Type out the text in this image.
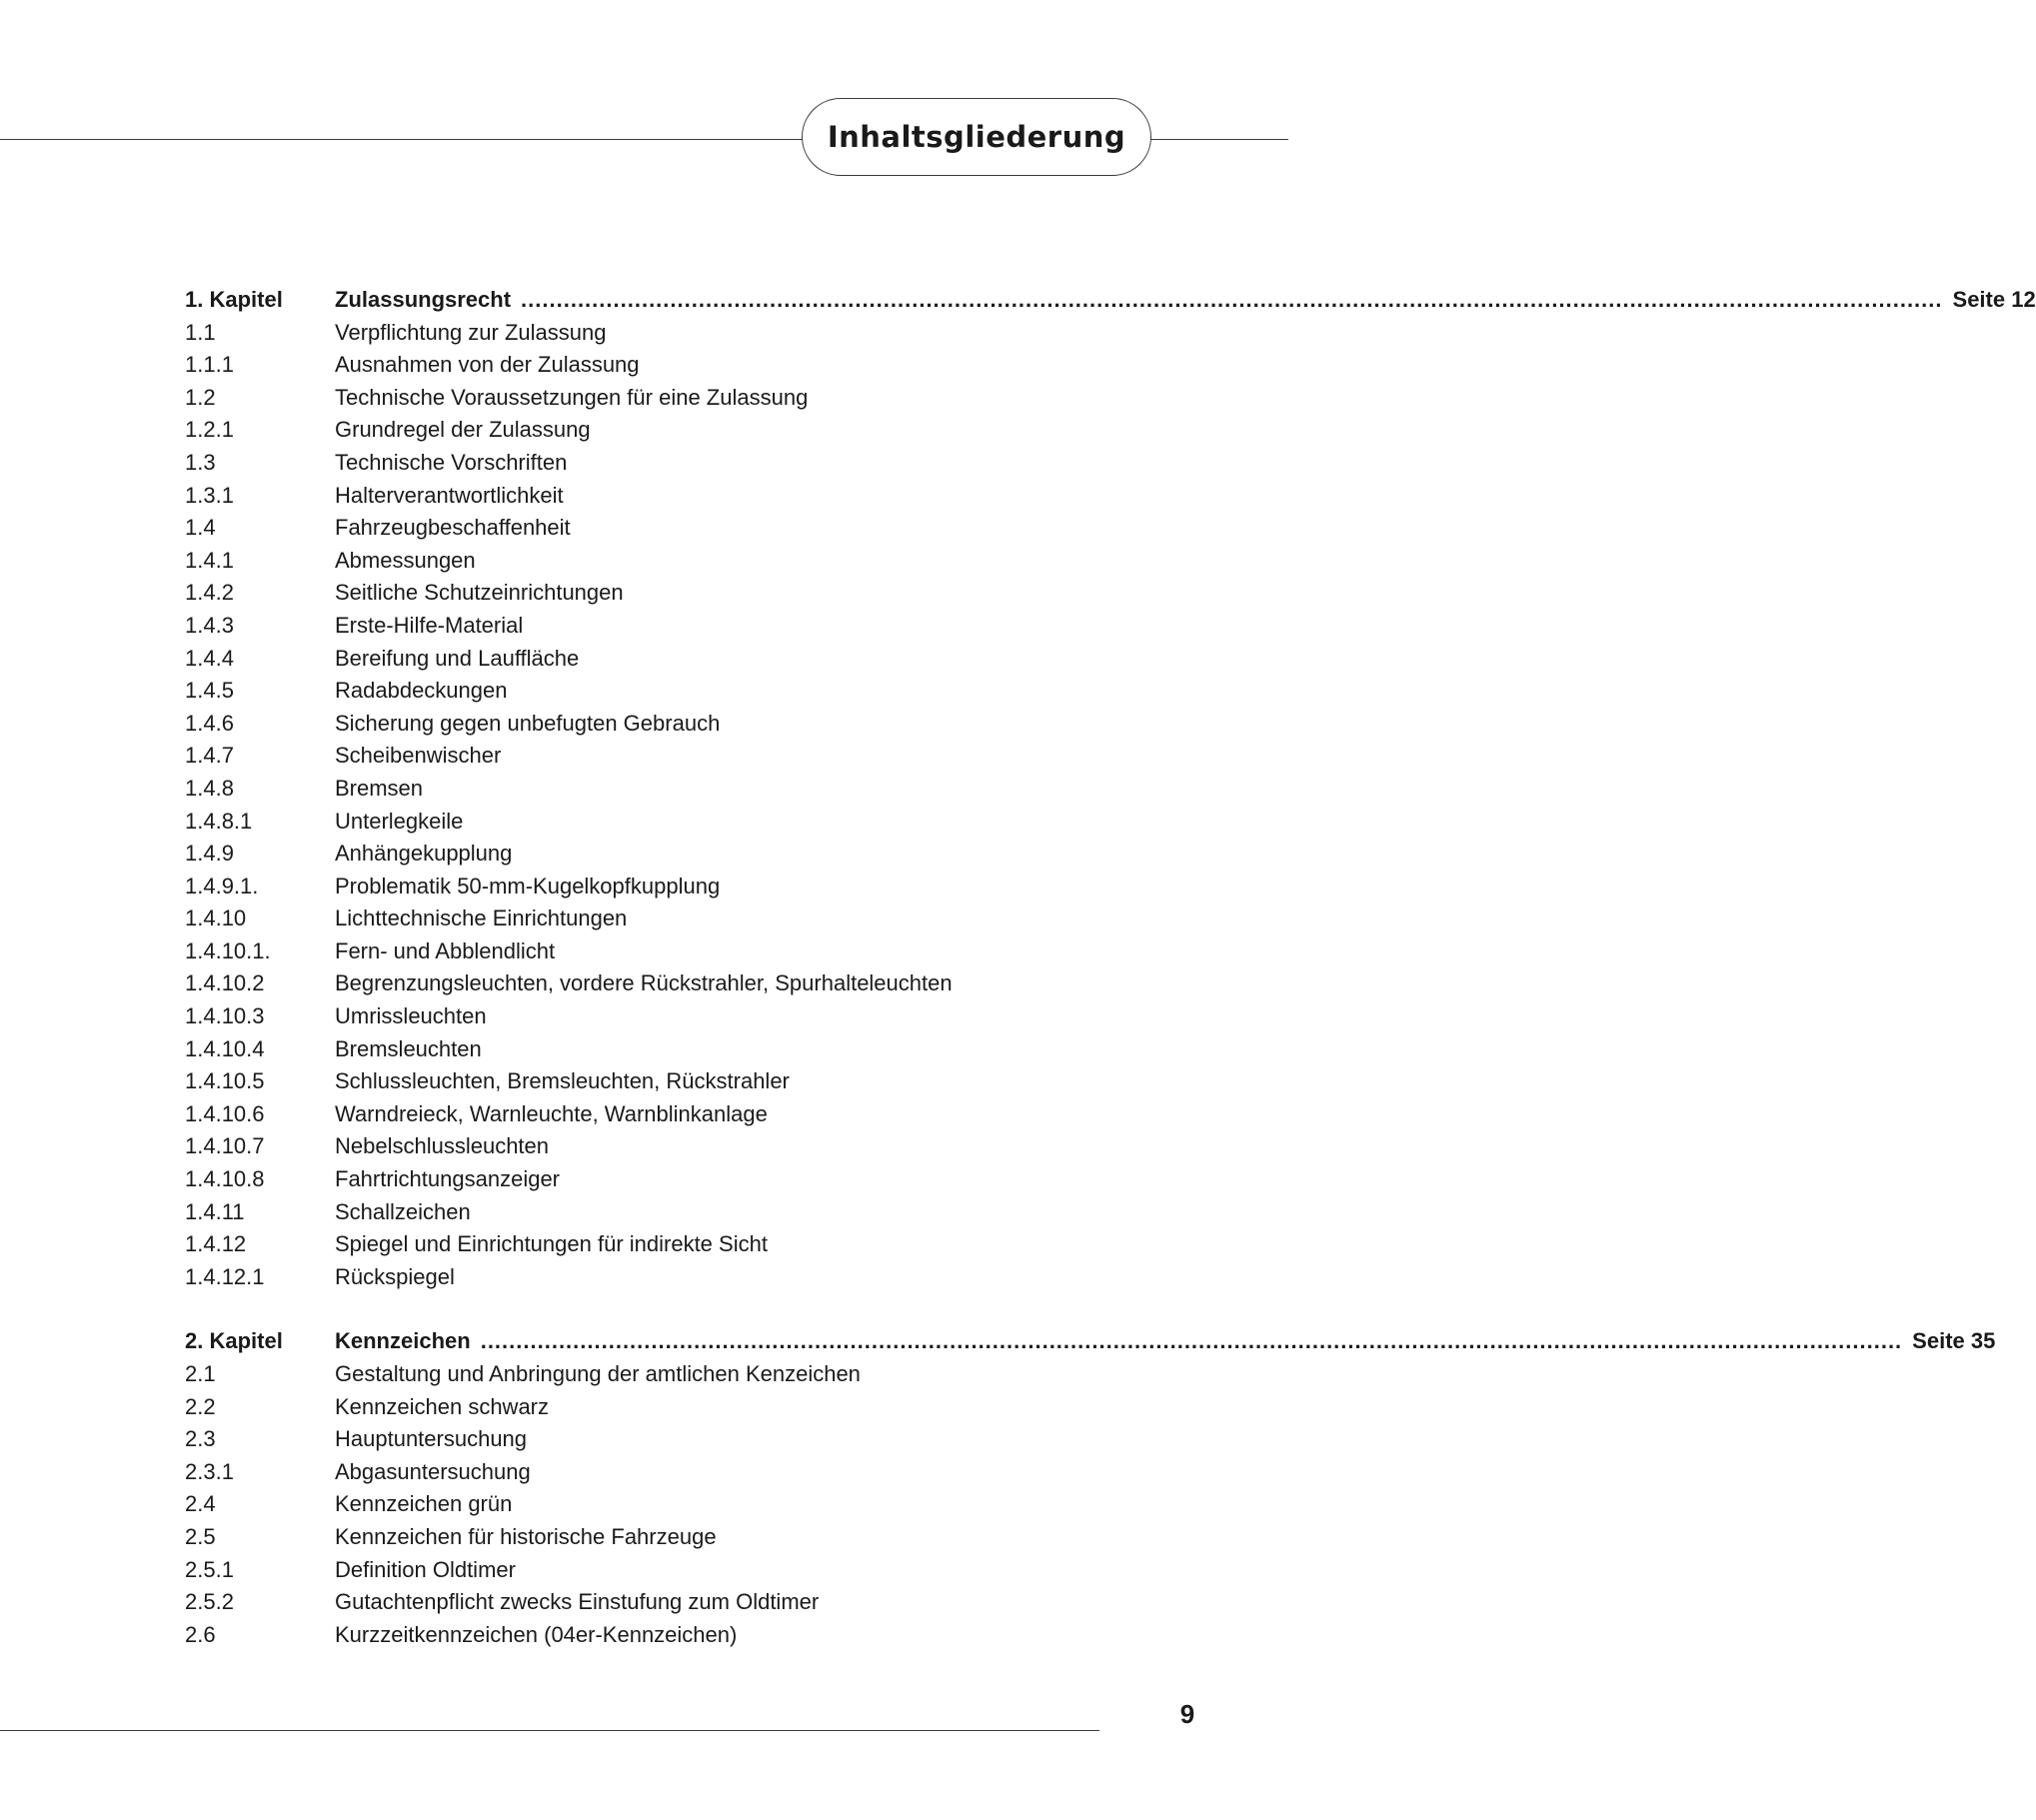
Inhaltsgliederung
1. Kapitel	Zulassungsrecht ........................................................................................................................................................................................................ Seite 12
1.1	Verpflichtung zur Zulassung
1.1.1	Ausnahmen von der Zulassung
1.2	Technische Voraussetzungen für eine Zulassung
1.2.1	Grundregel der Zulassung
1.3	Technische Vorschriften
1.3.1	Halterverantwortlichkeit
1.4	Fahrzeugbeschaffenheit
1.4.1	Abmessungen
1.4.2	Seitliche Schutzeinrichtungen
1.4.3	Erste-Hilfe-Material
1.4.4	Bereifung und Lauffläche
1.4.5	Radabdeckungen
1.4.6	Sicherung gegen unbefugten Gebrauch
1.4.7	Scheibenwischer
1.4.8	Bremsen
1.4.8.1	Unterlegkeile
1.4.9	Anhängekupplung
1.4.9.1.	Problematik 50-mm-Kugelkopfkupplung
1.4.10	Lichttechnische Einrichtungen
1.4.10.1.	Fern- und Abblendlicht
1.4.10.2	Begrenzungsleuchten, vordere Rückstrahler, Spurhalteleuchten
1.4.10.3	Umrissleuchten
1.4.10.4	Bremsleuchten
1.4.10.5	Schlussleuchten, Bremsleuchten, Rückstrahler
1.4.10.6	Warndreieck, Warnleuchte, Warnblinkanlage
1.4.10.7	Nebelschlussleuchten
1.4.10.8	Fahrtrichtungsanzeiger
1.4.11	Schallzeichen
1.4.12	Spiegel und Einrichtungen für indirekte Sicht
1.4.12.1	Rückspiegel
2. Kapitel	Kennzeichen ........................................................................................................................................................................................................ Seite 35
2.1	Gestaltung und Anbringung der amtlichen Kenzeichen
2.2	Kennzeichen schwarz
2.3	Hauptuntersuchung
2.3.1	Abgasuntersuchung
2.4	Kennzeichen grün
2.5	Kennzeichen für historische Fahrzeuge
2.5.1	Definition Oldtimer
2.5.2	Gutachtenpflicht zwecks Einstufung zum Oldtimer
2.6	Kurzzeitkennzeichen (04er-Kennzeichen)
9
